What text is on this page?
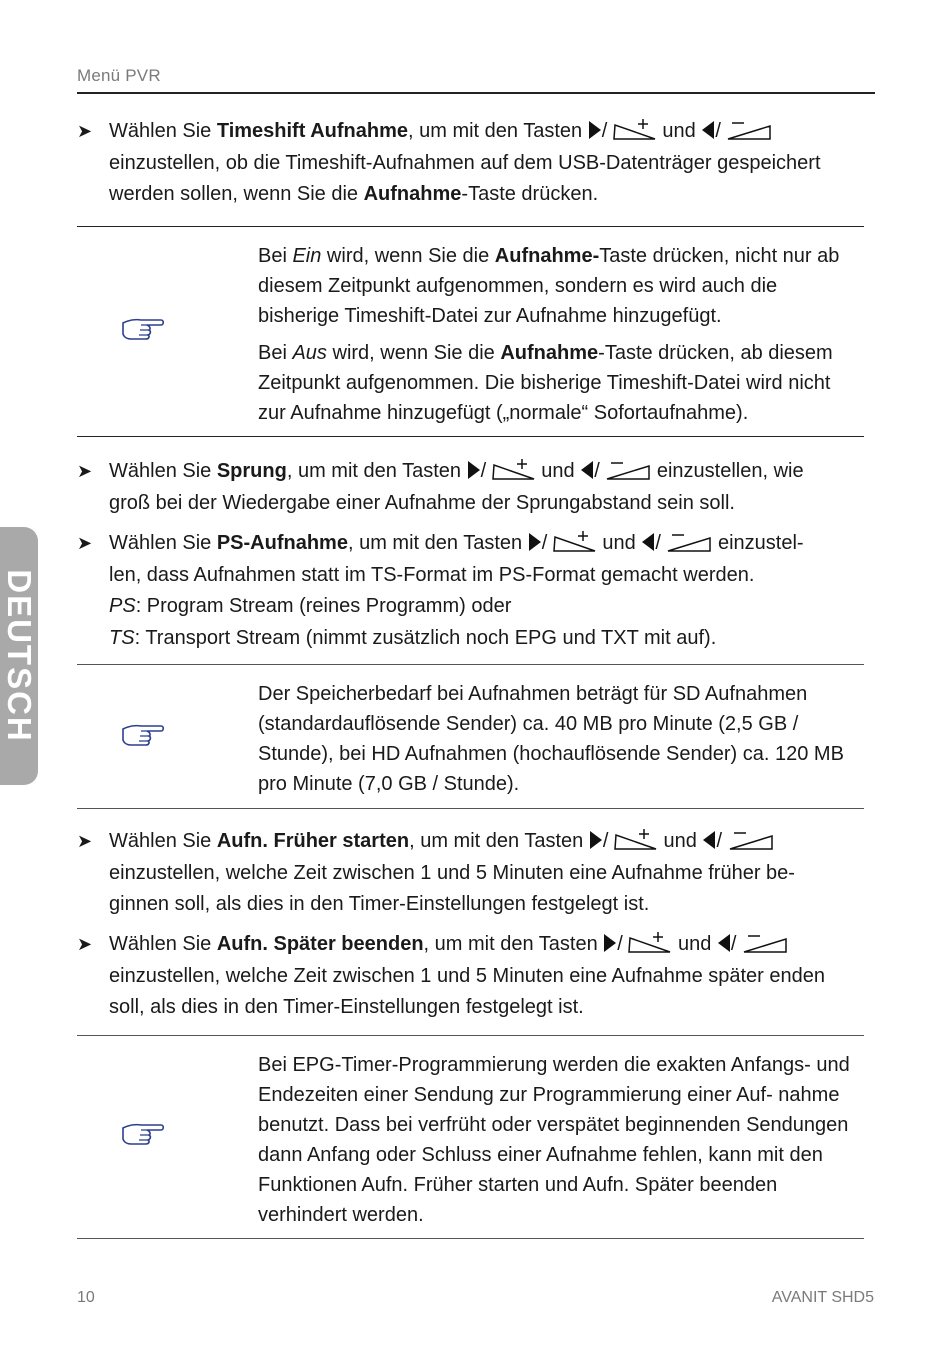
Menü PVR
DEUTSCH
➤ Wählen Sie Timeshift Aufnahme, um mit den Tasten /	und /

einzustellen, ob die Timeshift-Aufnahmen auf dem USB-Datenträger gespeichert

werden sollen, wenn Sie die Aufnahme-Taste drücken.

Bei Ein wird, wenn Sie die Aufnahme-Taste drücken, nicht nur ab diesem Zeitpunkt aufgenommen, sondern es wird auch die bisherige Timeshift-Datei zur Aufnahme hinzugefügt.

Bei Aus wird, wenn Sie die Aufnahme-Taste drücken, ab diesem Zeitpunkt aufgenommen. Die bisherige Timeshift-Datei wird nicht zur Aufnahme hinzugefügt („normale“ Sofortaufnahme).

➤ Wählen Sie Sprung, um mit den Tasten /	und /	einzustellen, wie

groß bei der Wiedergabe einer Aufnahme der Sprungabstand sein soll.

➤ Wählen Sie PS-Aufnahme, um mit den Tasten /	und /	einzustel-

len, dass Aufnahmen statt im TS-Format im PS-Format gemacht werden.

PS: Program Stream (reines Programm) oder

TS: Transport Stream (nimmt zusätzlich noch EPG und TXT mit auf).

Der Speicherbedarf bei Aufnahmen beträgt für SD Aufnahmen (standardauflösende Sender) ca. 40 MB pro Minute (2,5 GB / Stunde), bei HD Aufnahmen (hochauflösende Sender) ca. 120 MB pro Minute (7,0 GB / Stunde).

➤ Wählen Sie Aufn. Früher starten, um mit den Tasten /	und /

einzustellen, welche Zeit zwischen 1 und 5 Minuten eine Aufnahme früher be-

ginnen soll, als dies in den Timer-Einstellungen festgelegt ist.

➤ Wählen Sie Aufn. Später beenden, um mit den Tasten /	und /

einzustellen, welche Zeit zwischen 1 und 5 Minuten eine Aufnahme später enden

soll, als dies in den Timer-Einstellungen festgelegt ist.

Bei EPG-Timer-Programmierung werden die exakten Anfangs- und Endezeiten einer Sendung zur Programmierung einer Auf- nahme benutzt. Dass bei verfrüht oder verspätet beginnenden Sendungen dann Anfang oder Schluss einer Aufnahme fehlen, kann mit den Funktionen Aufn. Früher starten und Aufn. Später beenden verhindert werden.

10	AVANIT SHD5
